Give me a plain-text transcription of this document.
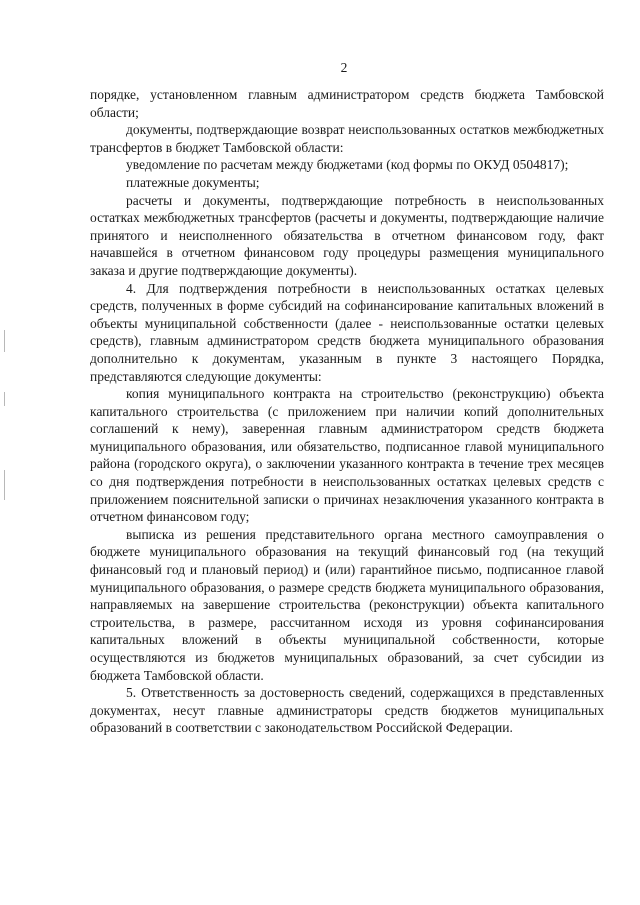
2

порядке, установленном главным администратором средств бюджета Тамбовской области;

документы, подтверждающие возврат неиспользованных остатков межбюджетных трансфертов в бюджет Тамбовской области:

уведомление по расчетам между бюджетами (код формы по ОКУД 0504817);

платежные документы;

расчеты и документы, подтверждающие потребность в неиспользованных остатках межбюджетных трансфертов (расчеты и документы, подтверждающие наличие принятого и неисполненного обязательства в отчетном финансовом году, факт начавшейся в отчетном финансовом году процедуры размещения муниципального заказа и другие подтверждающие документы).

4. Для подтверждения потребности в неиспользованных остатках целевых средств, полученных в форме субсидий на софинансирование капитальных вложений в объекты муниципальной собственности (далее - неиспользованные остатки целевых средств), главным администратором средств бюджета муниципального образования дополнительно к документам, указанным в пункте 3 настоящего Порядка, представляются следующие документы:

копия муниципального контракта на строительство (реконструкцию) объекта капитального строительства (с приложением при наличии копий дополнительных соглашений к нему), заверенная главным администратором средств бюджета муниципального образования, или обязательство, подписанное главой муниципального района (городского округа), о заключении указанного контракта в течение трех месяцев со дня подтверждения потребности в неиспользованных остатках целевых средств с приложением пояснительной записки о причинах незаключения указанного контракта в отчетном финансовом году;

выписка из решения представительного органа местного самоуправления о бюджете муниципального образования на текущий финансовый год (на текущий финансовый год и плановый период) и (или) гарантийное письмо, подписанное главой муниципального образования, о размере средств бюджета муниципального образования, направляемых на завершение строительства (реконструкции) объекта капитального строительства, в размере, рассчитанном исходя из уровня софинансирования капитальных вложений в объекты муниципальной собственности, которые осуществляются из бюджетов муниципальных образований, за счет субсидии из бюджета Тамбовской области.

5. Ответственность за достоверность сведений, содержащихся в представленных документах, несут главные администраторы средств бюджетов муниципальных образований в соответствии с законодательством Российской Федерации.
